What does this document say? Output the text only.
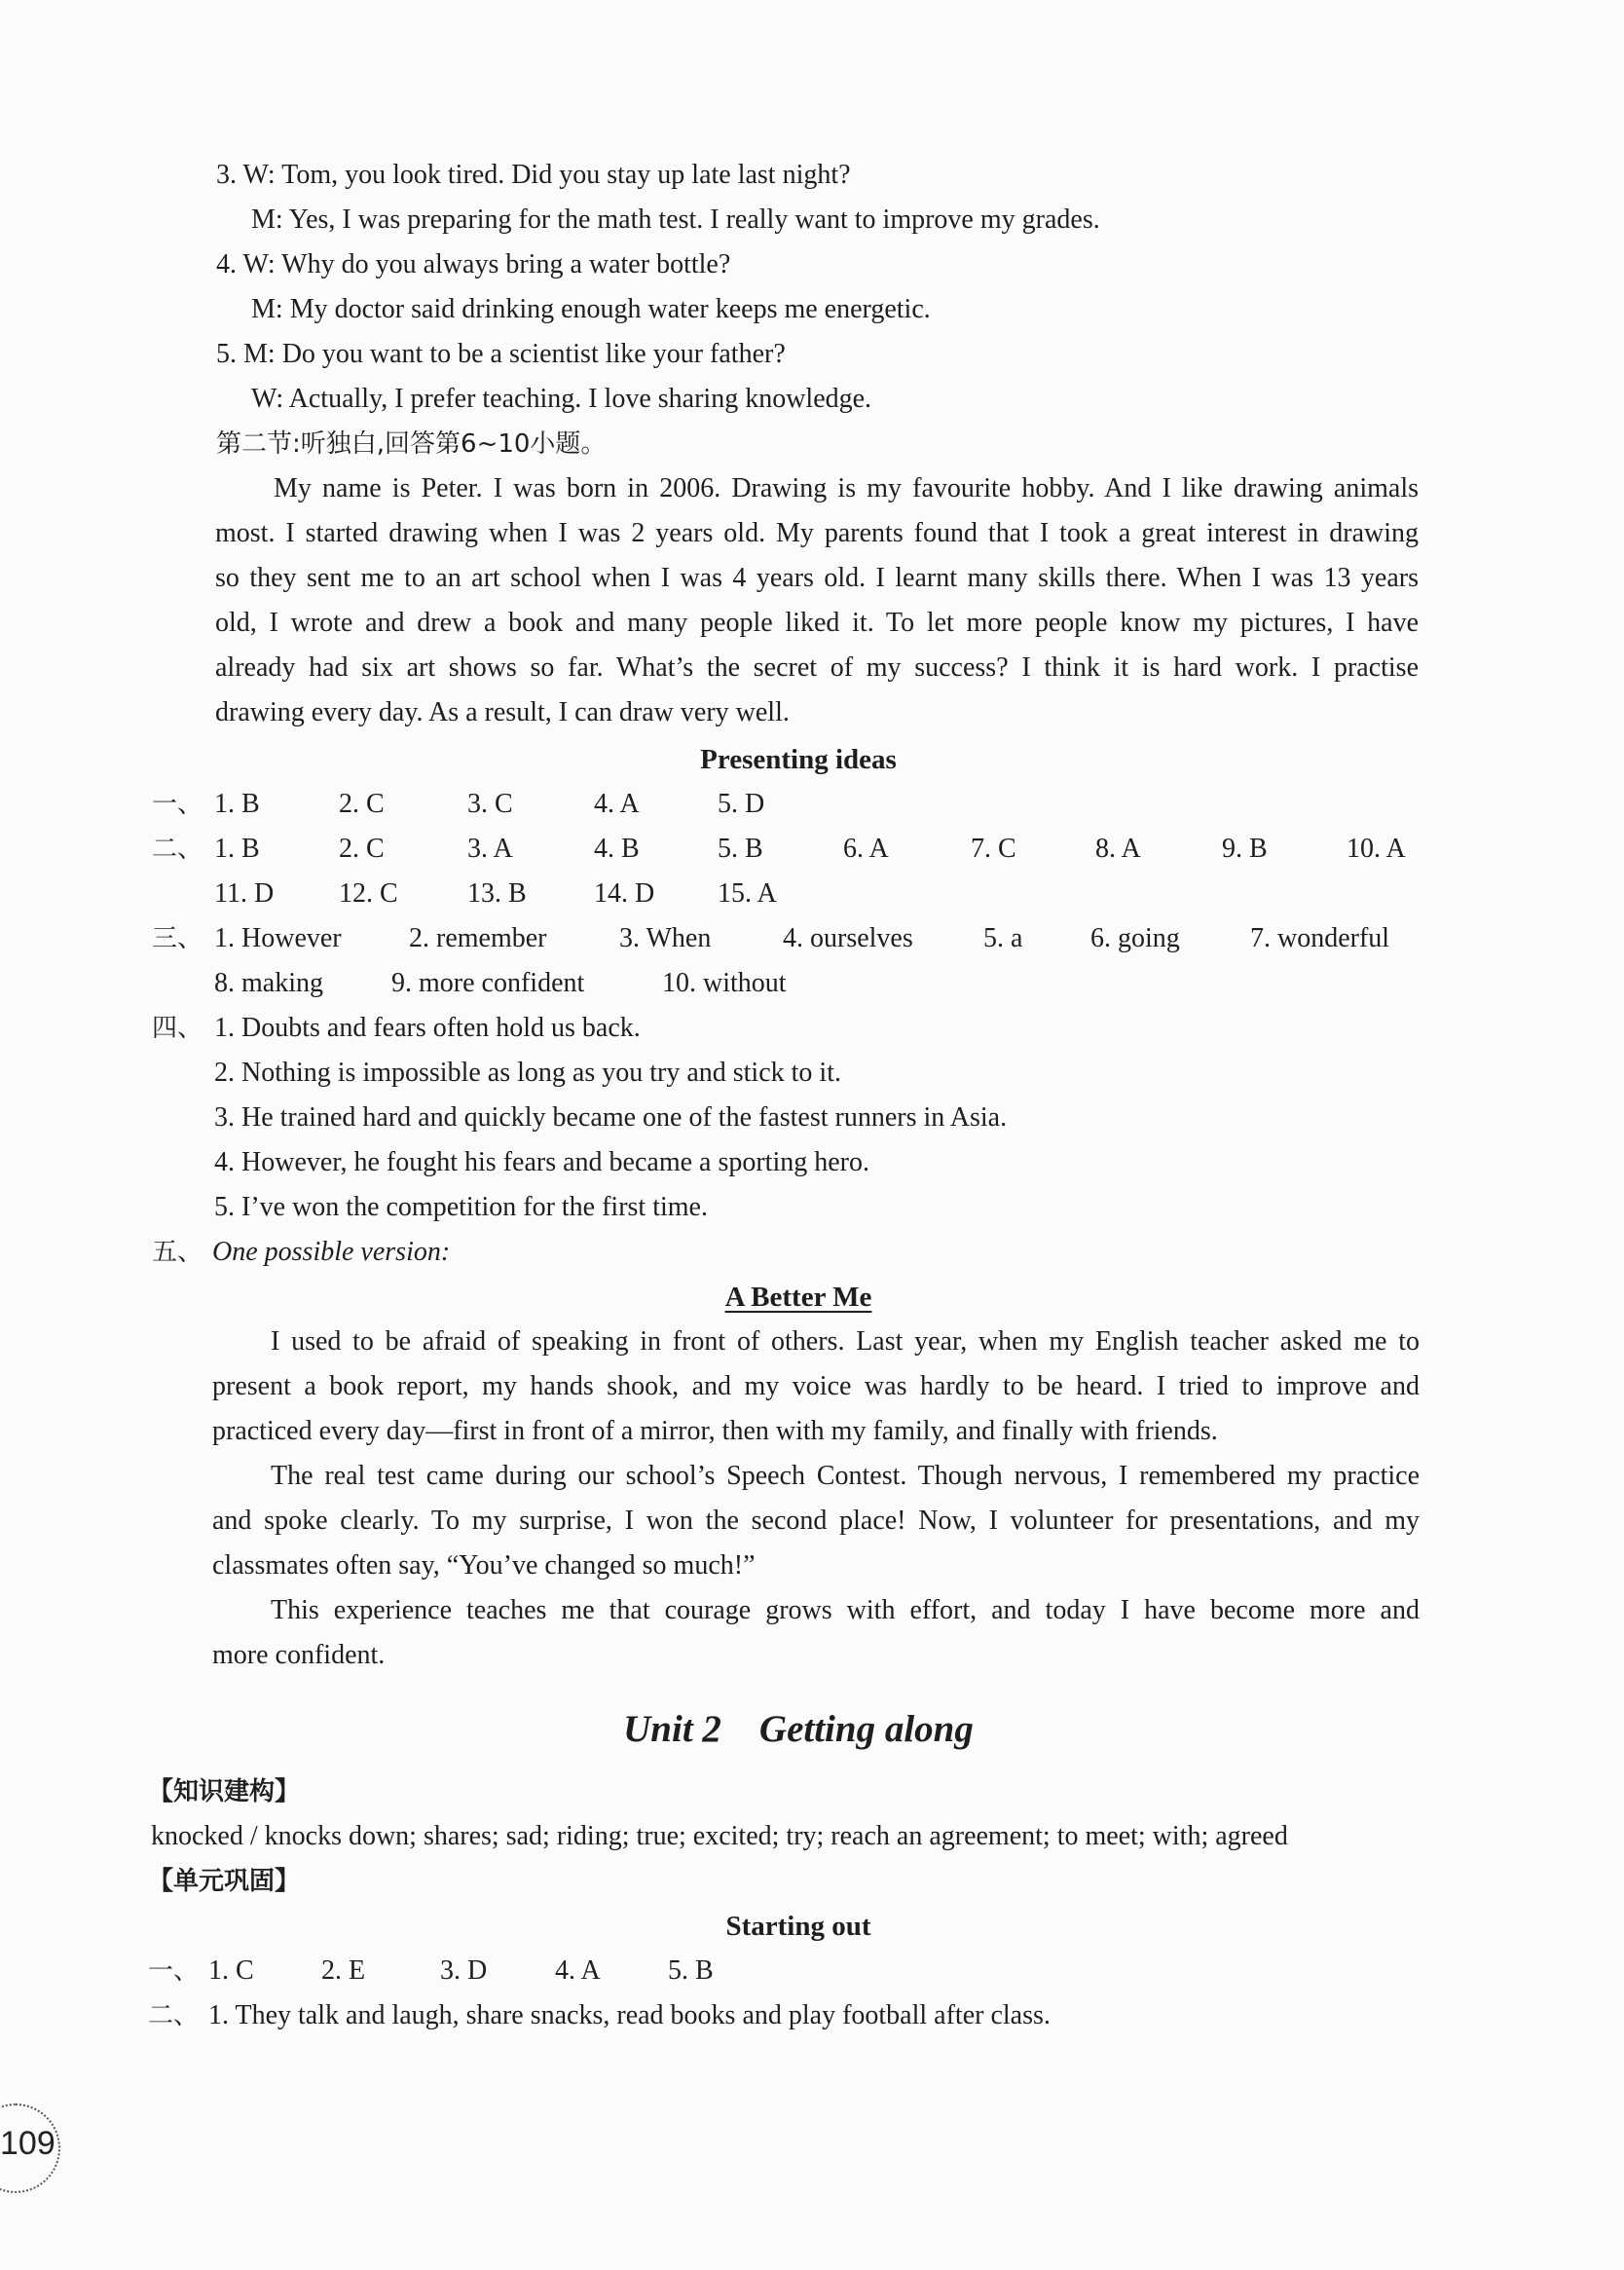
3. W: Tom, you look tired. Did you stay up late last night?
M: Yes, I was preparing for the math test. I really want to improve my grades.
4. W: Why do you always bring a water bottle?
M: My doctor said drinking enough water keeps me energetic.
5. M: Do you want to be a scientist like your father?
W: Actually, I prefer teaching. I love sharing knowledge.
第二节:听独白,回答第6~10小题。
My name is Peter. I was born in 2006. Drawing is my favourite hobby. And I like drawing animals
most. I started drawing when I was 2 years old. My parents found that I took a great interest in drawing
so they sent me to an art school when I was 4 years old. I learnt many skills there. When I was 13 years
old, I wrote and drew a book and many people liked it. To let more people know my pictures, I have
already had six art shows so far. What’s the secret of my success? I think it is hard work. I practise
drawing every day. As a result, I can draw very well.
Presenting ideas
一、 1. B	2. C	3. C	4. A	5. D
二、 1. B	2. C	3. A	4. B	5. B	6. A	7. C	8. A	9. B	10. A
11. D 12. C	13. B 14. D 15. A
三、 1. However 2. remember	3. When	4. ourselves	5. a 6. going	7. wonderful
8. making	9. more confident	10. without
四、 1. Doubts and fears often hold us back.
2. Nothing is impossible as long as you try and stick to it.
3. He trained hard and quickly became one of the fastest runners in Asia.
4. However, he fought his fears and became a sporting hero.
5. I’ve won the competition for the first time.
五、 One possible version:
A Better Me
I used to be afraid of speaking in front of others. Last year, when my English teacher asked me to
present a book report, my hands shook, and my voice was hardly to be heard. I tried to improve and
practiced every day—first in front of a mirror, then with my family, and finally with friends.
The real test came during our school’s Speech Contest. Though nervous, I remembered my practice
and spoke clearly. To my surprise, I won the second place! Now, I volunteer for presentations, and my
classmates often say, “You’ve changed so much!”
This experience teaches me that courage grows with effort, and today I have become more and
more confident.
Unit 2    Getting along
【知识建构】
knocked / knocks down; shares; sad; riding; true; excited; try; reach an agreement; to meet; with; agreed
【单元巩固】
Starting out
一、 1. C 2. E	3. D 4. A 5. B
二、 1. They talk and laugh, share snacks, read books and play football after class.
109
